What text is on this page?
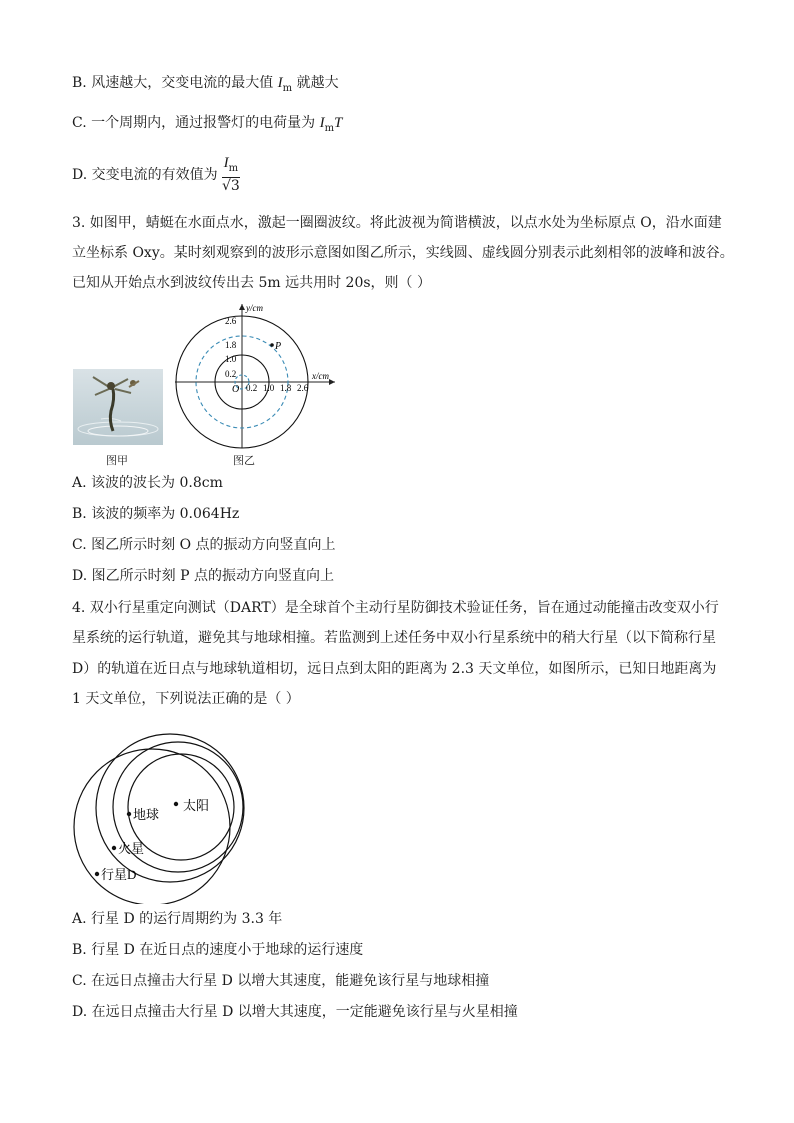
B. 风速越大，交变电流的最大值 $I_m$ 就越大
C. 一个周期内，通过报警灯的电荷量为 $I_mT$
D. 交变电流的有效值为 $\frac{I_m}{√3}$
3. 如图甲，蜻蜓在水面点水，激起一圈圈波纹。将此波视为简谐横波，以点水处为坐标原点 O，沿水面建
立坐标系 Oxy。某时刻观察到的波形示意图如图乙所示，实线圆、虚线圆分别表示此刻相邻的波峰和波谷。
已知从开始点水到波纹传出去 5m 远共用时 20s，则（ ）
图甲
P
y/cm
x/cm
O
2.6
1.8
1.0
0.2
0.2 1.0 1.8 2.6
图乙
A. 该波的波长为 0.8cm
B. 该波的频率为 0.064Hz
C. 图乙所示时刻 O 点的振动方向竖直向上
D. 图乙所示时刻 P 点的振动方向竖直向上
4. 双小行星重定向测试（DART）是全球首个主动行星防御技术验证任务，旨在通过动能撞击改变双小行
星系统的运行轨道，避免其与地球相撞。若监测到上述任务中双小行星系统中的稍大行星（以下简称行星
D）的轨道在近日点与地球轨道相切，远日点到太阳的距离为 2.3 天文单位，如图所示，已知日地距离为
1 天文单位，下列说法正确的是（ ）
太阳
地球
火星
行星D
A. 行星 D 的运行周期约为 3.3 年
B. 行星 D 在近日点的速度小于地球的运行速度
C. 在远日点撞击大行星 D 以增大其速度，能避免该行星与地球相撞
D. 在远日点撞击大行星 D 以增大其速度，一定能避免该行星与火星相撞
